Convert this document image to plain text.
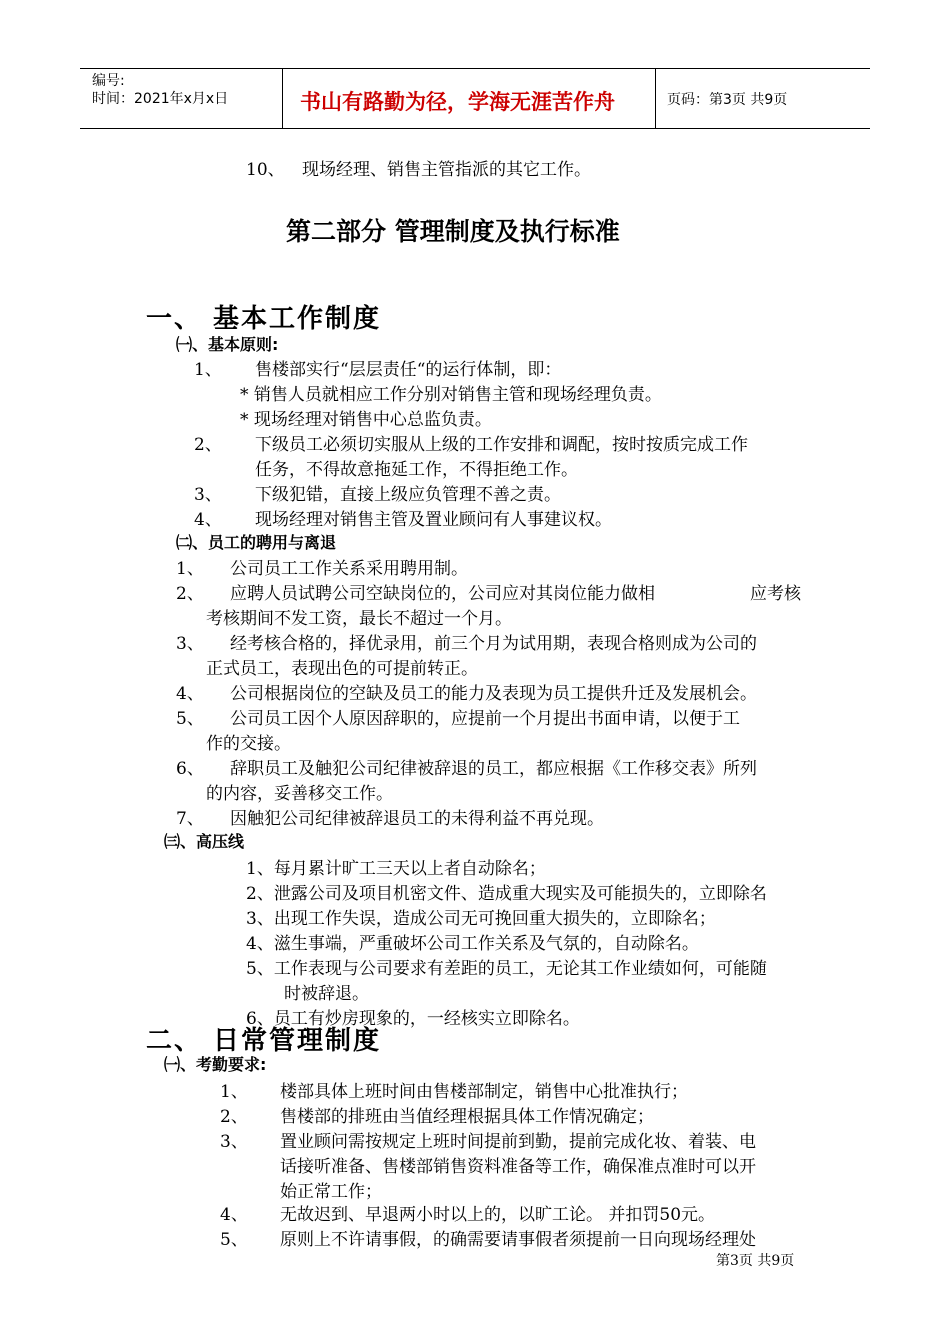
编号:
时间：2021年x月x日	书山有路勤为径，学海无涯苦作舟	页码：第3页 共9页
10、 现场经理、销售主管指派的其它工作。
第二部分 管理制度及执行标准
一、 基本工作制度
㈠、基本原则:
1、 售楼部实行“层层责任“的运行体制，即：
* 销售人员就相应工作分别对销售主管和现场经理负责。
* 现场经理对销售中心总监负责。
2、 下级员工必须切实服从上级的工作安排和调配，按时按质完成工作
任务，不得故意拖延工作，不得拒绝工作。
3、 下级犯错，直接上级应负管理不善之责。
4、 现场经理对销售主管及置业顾问有人事建议权。
㈡、员工的聘用与离退
1、 公司员工工作关系采用聘用制。
2、 应聘人员试聘公司空缺岗位的，公司应对其岗位能力做相	应考核
考核期间不发工资，最长不超过一个月。
3、 经考核合格的，择优录用，前三个月为试用期，表现合格则成为公司的
正式员工，表现出色的可提前转正。
4、 公司根据岗位的空缺及员工的能力及表现为员工提供升迁及发展机会。
5、 公司员工因个人原因辞职的，应提前一个月提出书面申请，以便于工
作的交接。
6、 辞职员工及触犯公司纪律被辞退的员工，都应根据《工作移交表》所列
的内容，妥善移交工作。
7、 因触犯公司纪律被辞退员工的未得利益不再兑现。
㈢、高压线
1、每月累计旷工三天以上者自动除名；
2、泄露公司及项目机密文件、造成重大现实及可能损失的，立即除名
3、出现工作失误，造成公司无可挽回重大损失的，立即除名；
4、滋生事端，严重破坏公司工作关系及气氛的，自动除名。
5、工作表现与公司要求有差距的员工，无论其工作业绩如何，可能随
时被辞退。
6、员工有炒房现象的，一经核实立即除名。
二、 日常管理制度
㈠、考勤要求:
1、 楼部具体上班时间由售楼部制定，销售中心批准执行；
2、 售楼部的排班由当值经理根据具体工作情况确定；
3、 置业顾问需按规定上班时间提前到勤，提前完成化妆、着装、电
话接听准备、售楼部销售资料准备等工作，确保准点准时可以开
始正常工作；
4、 无故迟到、早退两小时以上的，以旷工论。 并扣罚50元。
5、 原则上不许请事假，的确需要请事假者须提前一日向现场经理处
第3页 共9页
